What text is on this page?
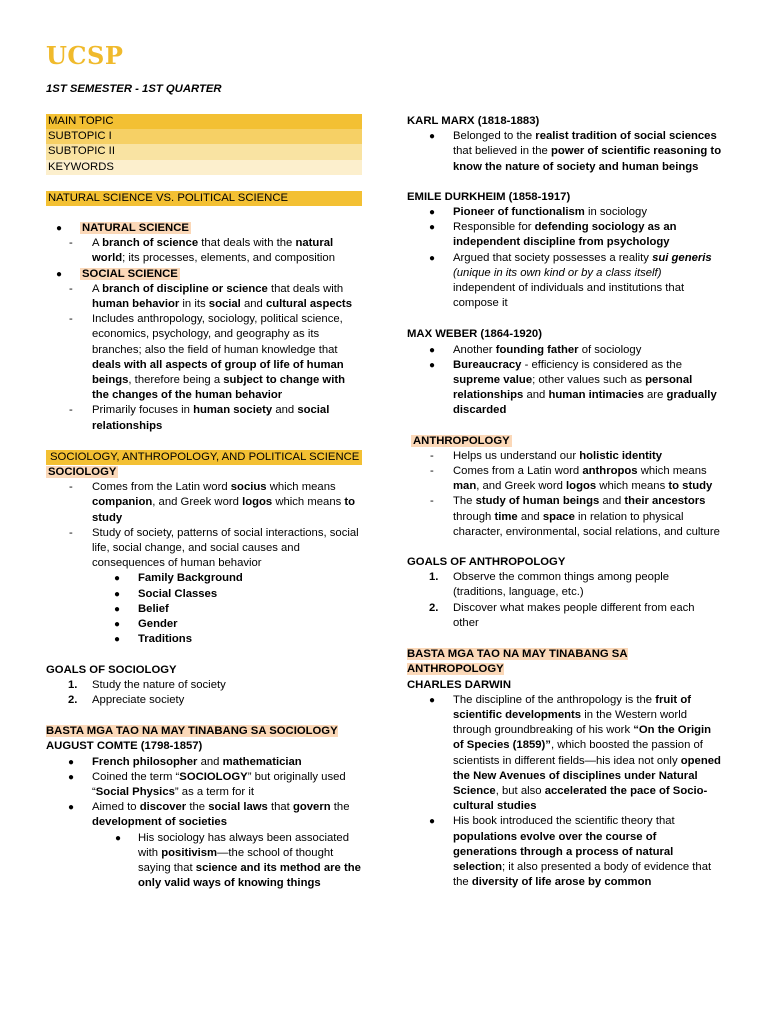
UCSP
1ST SEMESTER - 1ST QUARTER
MAIN TOPIC
SUBTOPIC I
SUBTOPIC II
KEYWORDS
NATURAL SCIENCE VS. POLITICAL SCIENCE
● NATURAL SCIENCE
- A branch of science that deals with the natural world; its processes, elements, and composition
● SOCIAL SCIENCE
- A branch of discipline or science that deals with human behavior in its social and cultural aspects
- Includes anthropology, sociology, political science, economics, psychology, and geography as its branches; also the field of human knowledge that deals with all aspects of group of life of human beings, therefore being a subject to change with the changes of the human behavior
- Primarily focuses in human society and social relationships
SOCIOLOGY, ANTHROPOLOGY, AND POLITICAL SCIENCE
SOCIOLOGY
- Comes from the Latin word socius which means companion, and Greek word logos which means to study
- Study of society, patterns of social interactions, social life, social change, and social causes and consequences of human behavior
● Family Background
● Social Classes
● Belief
● Gender
● Traditions
GOALS OF SOCIOLOGY
1. Study the nature of society
2. Appreciate society
BASTA MGA TAO NA MAY TINABANG SA SOCIOLOGY
AUGUST COMTE (1798-1857)
● French philosopher and mathematician
● Coined the term “SOCIOLOGY” but originally used “Social Physics” as a term for it
● Aimed to discover the social laws that govern the development of societies
● His sociology has always been associated with positivism—the school of thought saying that science and its method are the only valid ways of knowing things
KARL MARX (1818-1883)
● Belonged to the realist tradition of social sciences that believed in the power of scientific reasoning to know the nature of society and human beings
EMILE DURKHEIM (1858-1917)
● Pioneer of functionalism in sociology
● Responsible for defending sociology as an independent discipline from psychology
● Argued that society possesses a reality sui generis (unique in its own kind or by a class itself) independent of individuals and institutions that compose it
MAX WEBER (1864-1920)
● Another founding father of sociology
● Bureaucracy - efficiency is considered as the supreme value; other values such as personal relationships and human intimacies are gradually discarded
ANTHROPOLOGY
- Helps us understand our holistic identity
- Comes from a Latin word anthropos which means man, and Greek word logos which means to study
- The study of human beings and their ancestors through time and space in relation to physical character, environmental, social relations, and culture
GOALS OF ANTHROPOLOGY
1. Observe the common things among people (traditions, language, etc.)
2. Discover what makes people different from each other
BASTA MGA TAO NA MAY TINABANG SA ANTHROPOLOGY
CHARLES DARWIN
● The discipline of the anthropology is the fruit of scientific developments in the Western world through groundbreaking of his work “On the Origin of Species (1859)”, which boosted the passion of scientists in different fields—his idea not only opened the New Avenues of disciplines under Natural Science, but also accelerated the pace of Socio-cultural studies
● His book introduced the scientific theory that populations evolve over the course of generations through a process of natural selection; it also presented a body of evidence that the diversity of life arose by common
